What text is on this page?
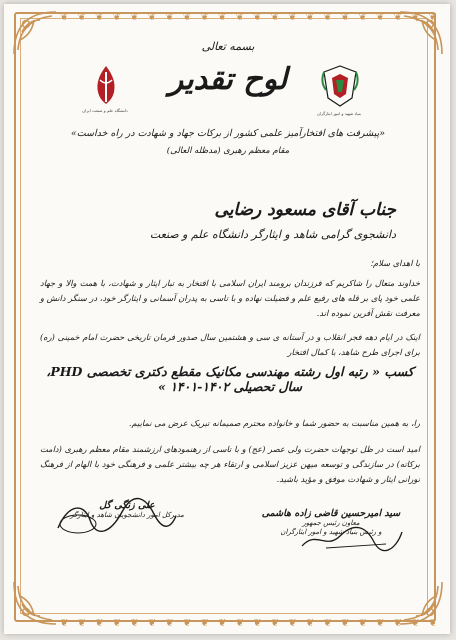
❦ ❦ ❦ ❦ ❦ ❦ ❦ ❦ ❦ ❦ ❦ ❦ ❦ ❦ ❦ ❦ ❦ ❦ ❦ ❦ ❦ ❦
❦ ❦ ❦ ❦ ❦ ❦ ❦ ❦ ❦ ❦ ❦ ❦ ❦ ❦ ❦ ❦ ❦ ❦ ❦ ❦ ❦ ❦
بسمه تعالی
لوح تقدیر
دانشگاه علم و صنعت ایران
بنیاد شهید و امور ایثارگران
«پیشرفت های افتخارآمیز علمی کشور از برکات جهاد و شهادت در راه خداست»
مقام معظم رهبری (مدظله العالی)
جناب آقای مسعود رضایی
دانشجوی گرامی شاهد و ایثارگر دانشگاه علم و صنعت
با اهدای سلام؛
خداوند متعال را شاکریم که فرزندان برومند ایران اسلامی با افتخار به تبار ایثار و شهادت، با همت والا و جهاد علمی خود پای بر قله های رفیع علم و فضیلت نهاده و با تاسی به پدران آسمانی و ایثارگر خود، در سنگر دانش و معرفت نقش آفرین نموده اند.
اینک در ایام دهه فجر انقلاب و در آستانه ی سی و هشتمین سال صدور فرمان تاریخی حضرت امام خمینی (ره) برای اجرای طرح شاهد، با کمال افتخار
کسب « رتبه اول رشته مهندسی مکانیک مقطع دکتری تخصصی PHD، سال تحصیلی ۱۴۰۲-۱۴۰۱ »
را، به همین مناسبت به حضور شما و خانواده محترم صمیمانه تبریک عرض می نماییم.
امید است در ظل توجهات حضرت ولی عصر (عج) و با تاسی از رهنمودهای ارزشمند مقام معظم رهبری (دامت برکاته) در سازندگی و توسعه میهن عزیز اسلامی و ارتقاء هر چه بیشتر علمی و فرهنگی خود با الهام از فرهنگ نورانی ایثار و شهادت موفق و مؤید باشید.
سید امیرحسین قاضی زاده هاشمی
معاون رئیس جمهور
و رئیس بنیاد شهید و امور ایثارگران
علی زنگی گل
مدیرکل امور دانشجویان شاهد و ایثارگر
